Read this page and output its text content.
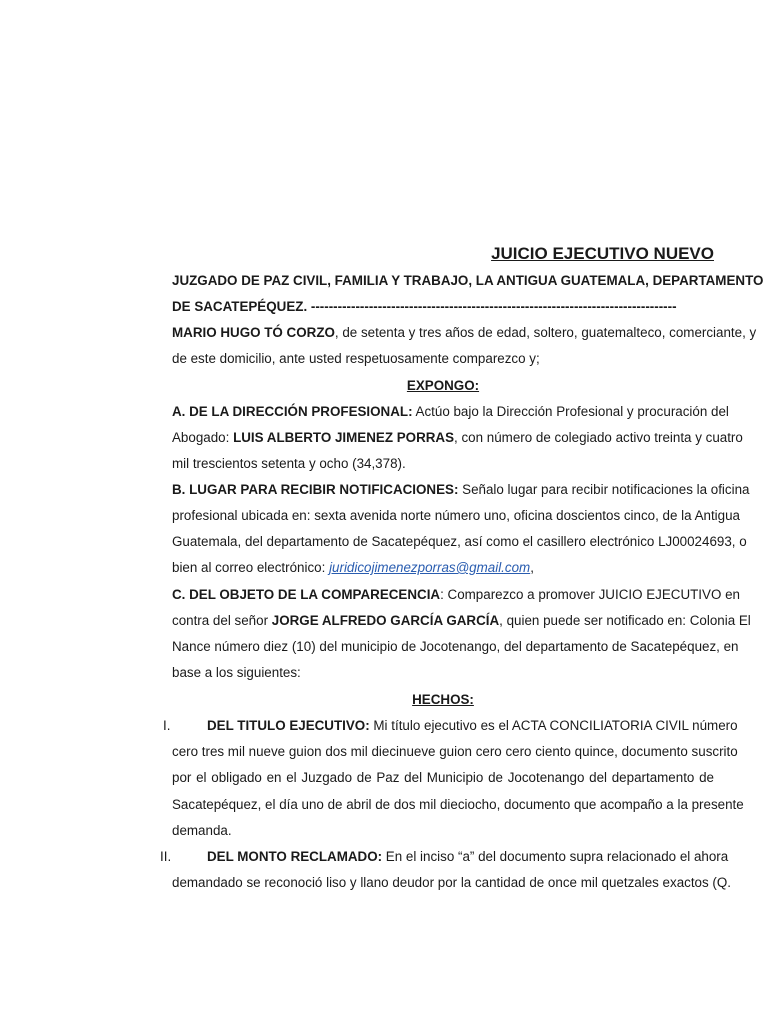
JUICIO EJECUTIVO NUEVO
JUZGADO DE PAZ CIVIL, FAMILIA Y TRABAJO, LA ANTIGUA GUATEMALA, DEPARTAMENTO
DE SACATEPÉQUEZ. ----------------------------------------------------------------------------------
MARIO HUGO TÓ CORZO, de setenta y tres años de edad, soltero, guatemalteco, comerciante, y
de este domicilio, ante usted respetuosamente comparezco y;
EXPONGO:
A. DE LA DIRECCIÓN PROFESIONAL: Actúo bajo la Dirección Profesional y procuración del
Abogado: LUIS ALBERTO JIMENEZ PORRAS, con número de colegiado activo treinta y cuatro
mil trescientos setenta y ocho (34,378).
B. LUGAR PARA RECIBIR NOTIFICACIONES: Señalo lugar para recibir notificaciones la oficina
profesional ubicada en: sexta avenida norte número uno, oficina doscientos cinco, de la Antigua
Guatemala, del departamento de Sacatepéquez, así como el casillero electrónico LJ00024693, o
bien al correo electrónico: juridicojimenezporras@gmail.com,
C. DEL OBJETO DE LA COMPARECENCIA: Comparezco a promover JUICIO EJECUTIVO en
contra del señor JORGE ALFREDO GARCÍA GARCÍA, quien puede ser notificado en: Colonia El
Nance número diez (10) del municipio de Jocotenango, del departamento de Sacatepéquez, en
base a los siguientes:
HECHOS:
I.	DEL TITULO EJECUTIVO: Mi título ejecutivo es el ACTA CONCILIATORIA CIVIL número
cero tres mil nueve guion dos mil diecinueve guion cero cero ciento quince, documento suscrito
por el obligado en el Juzgado de Paz del Municipio de Jocotenango del departamento de
Sacatepéquez, el día uno de abril de dos mil dieciocho, documento que acompaño a la presente
demanda.
II.	DEL MONTO RECLAMADO: En el inciso “a” del documento supra relacionado el ahora
demandado se reconoció liso y llano deudor por la cantidad de once mil quetzales exactos (Q.
